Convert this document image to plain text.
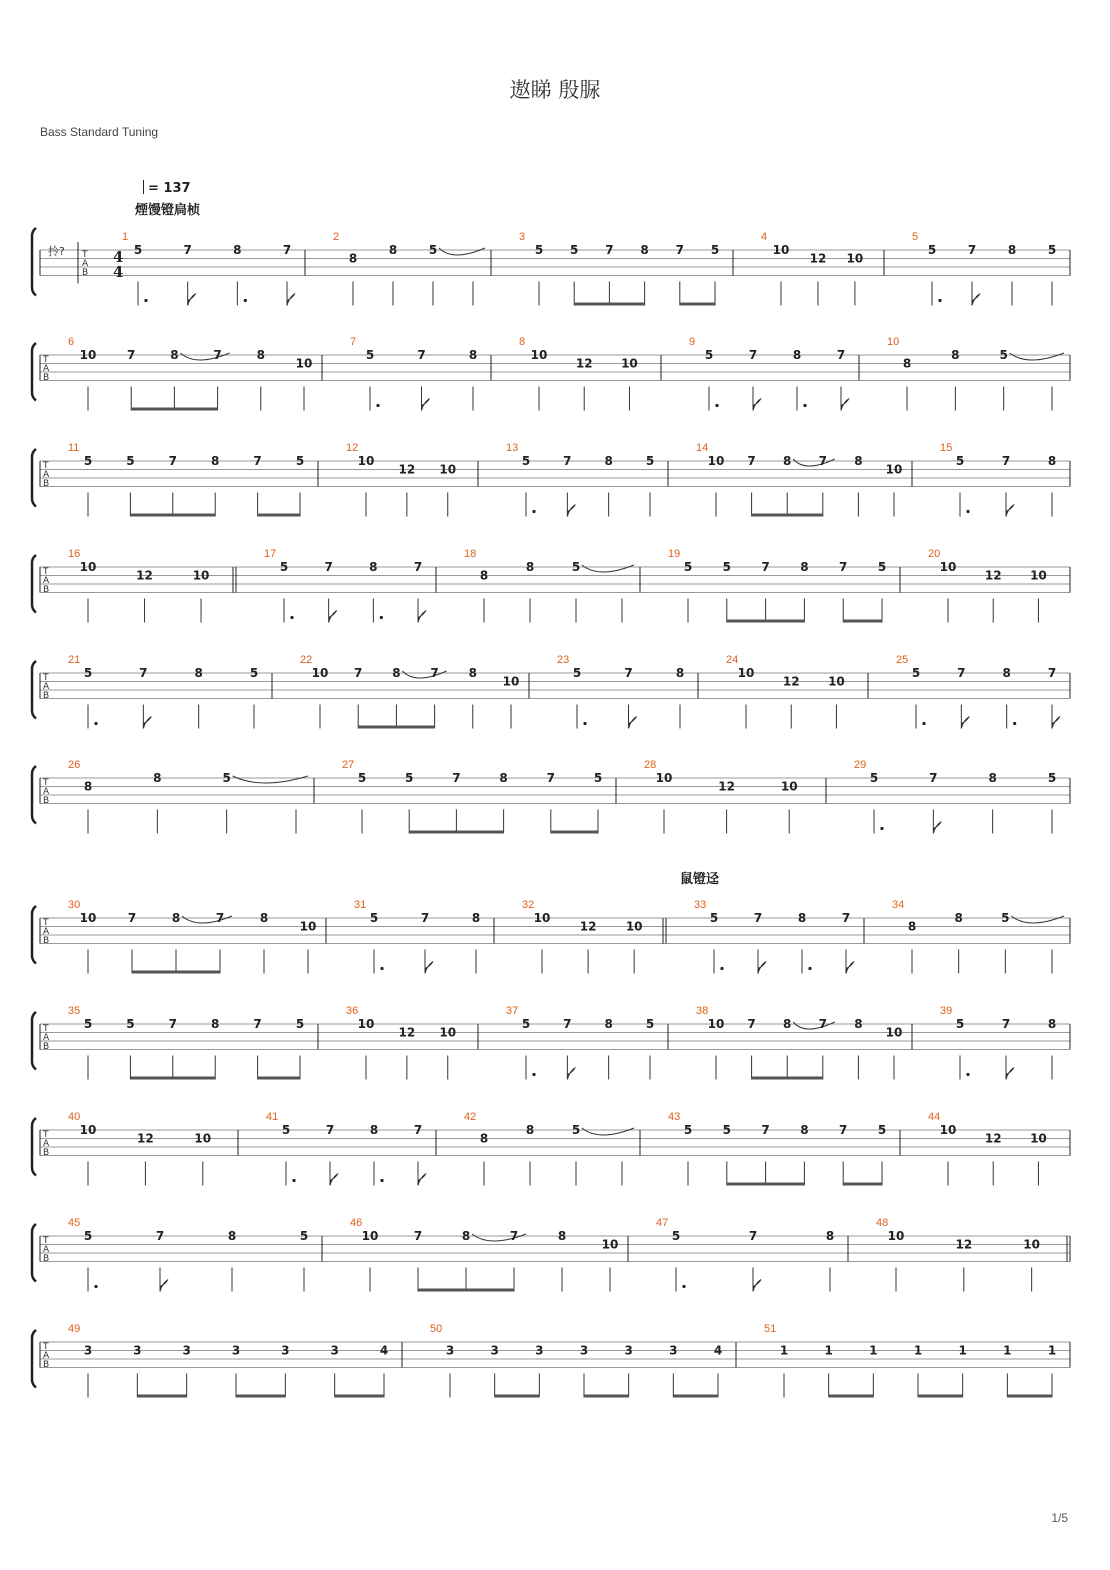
遨睇 殷脲
Bass Standard Tuning
= 137
煙馒镫扃桢
鼠镫迳
1/5
T
A
B
拎?	4
4
1
5	7	8	7
2
8
8	5
3
5 5 7 8 7 5
4
10
12 10
5
5	7	8	5
T
A
B
6
10	7	8	7	8
10
7
5	7	8
8
10
12 10
9
5	7	8	7
10
8
8	5
T
A
B
11
5	5	7	8	7	5
12
10
12 10
13
5	7	8	5
14
10 7 8 7 8
10
15
5	7	8
T
A
B
16
10
12	10
17
5	7	8	7
18
8
8	5
19
5	5	7	8	7	5
20
10
12 10
T
A
B
21
5	7	8	5
22
10 7 8 7 8
10
23
5	7	8
24
10
12 10
25
5	7	8	7
T
A
B
26
8
8	5
27
5	5	7	8	7	5
28
10
12	10
29
5	7	8	5
T
A
B
30
10	7	8	7	8
10
31
5	7	8
32
10
12 10
33
5	7	8	7
34
8
8	5
T
A
B
35
5	5	7	8	7	5
36
10
12 10
37
5	7	8	5
38
10 7 8 7 8
10
39
5	7	8
T
A
B
40
10
12	10
41
5	7	8	7
42
8
8	5
43
5	5	7	8	7	5
44
10
12 10
T
A
B
45
5	7	8	5
46
10	7	8	7	8
10
47
5	7	8
48
10
12	10
T
A
B
49
3	3	3	3	3	3	4
50
3	3	3	3	3	3	4
51
1	1	1	1	1	1	1
